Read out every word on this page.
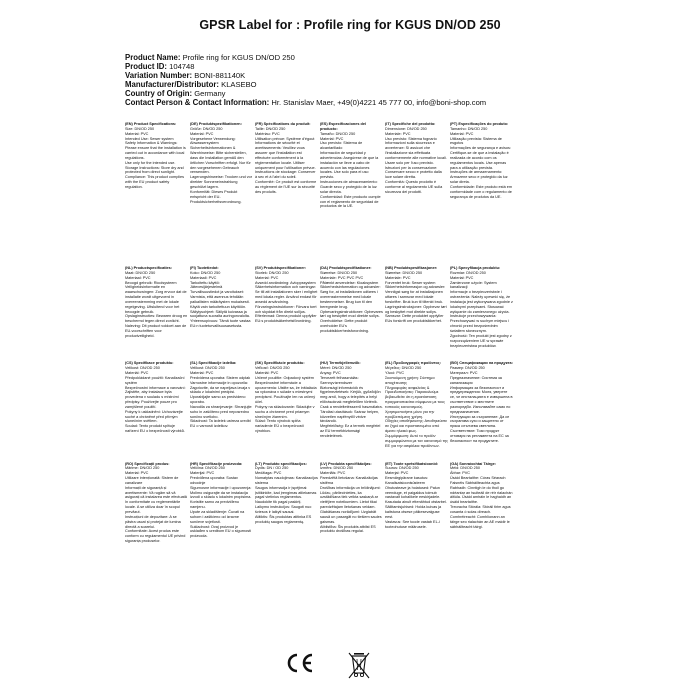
GPSR Label for : Profile ring for KGUS DN/OD 250
Product Name: Profile ring for KGUS DN/OD 250
Product ID: 104748
Variation Number: BONI-881140K
Manufacturer/Distributor: KLASEBO
Country of Origin: Germany
Contact Person & Contact Information: Hr. Stanislav Maer, +49(0)4221 45 777 00, info@boni-shop.com
(EN) Product Specifications:
Size: DN/OD 250
Material: PVC
Intended Use: Sewer system
Safety Information & Warnings: Please ensure that the installation is carried out in accordance with local regulations.
Use only for the intended use.
Storage Instructions: Store dry and protected from direct sunlight.
Compliance: This product complies with the EU product safety regulation.
(DE) Produktspezifikationen:
Größe: DN/OD 250
Material: PVC
Vorgesehene Verwendung: Abwassersystem
Sicherheitsinformationen & Warnhinweise: Bitte sicherstellen, dass die Installation gemäß den örtlichen Vorschriften erfolgt. Nur für den vorgesehenen Gebrauch verwenden.
Lagerungshinweise: Trocken und vor direkter Sonneneinstrahlung geschützt lagern.
Konformität: Dieses Produkt entspricht der EU-Produktsicherheitsverordnung.
(FR) Spécifications du produit:
Taille: DN/OD 250
Matériau: PVC
Utilisation prévue: Système d'égout
Informations de sécurité et avertissements: Veuillez vous assurer que l'installation est effectuée conformément à la réglementation locale. Utiliser uniquement pour l'utilisation prévue.
Instructions de stockage: Conserver à sec et à l'abri du soleil.
Conformité: Ce produit est conforme au règlement de l'UE sur la sécurité des produits.
(ES) Especificaciones del producto:
Tamaño: DN/OD 250
Material: PVC
Uso previsto: Sistema de alcantarillado
Información de seguridad y advertencias: Asegúrese de que la instalación se lleve a cabo de acuerdo con las regulaciones locales. Use solo para el uso previsto.
Instrucciones de almacenamiento: Guarde seco y protegido de la luz solar directa.
Conformidad: Este producto cumple con el reglamento de seguridad de productos de la UE.
(IT) Specifiche del prodotto:
Dimensione: DN/OD 250
Materiale: PVC
Uso previsto: Sistema fognario
Informazioni sulla sicurezza e avvertenze: Si assicuri che l'installazione sia effettuata conformemente alle normative locali. Usare solo per l'uso previsto.
Istruzioni per la conservazione: Conservare secco e protetto dalla luce solare diretta.
Conformità: Questo prodotto è conforme al regolamento UE sulla sicurezza dei prodotti.
(PT) Especificações do produto:
Tamanho: DN/OD 250
Material: PVC
Utilização prevista: Sistema de esgotos
Informações de segurança e avisos: Certifique-se de que a instalação é realizada de acordo com os regulamentos locais. Use apenas para a utilização prevista.
Instruções de armazenamento: Armazene seco e protegido da luz solar direta.
Conformidade: Este produto está em conformidade com o regulamento de segurança de produtos da UE.
(NL) Productspecificaties:
Maat: DN/OD 250
Materiaal: PVC
Beoogd gebruik: Rioolsysteem
Veiligheidsinformatie en waarschuwingen: Zorg ervoor dat de installatie wordt uitgevoerd in overeenstemming met de lokale regelgeving. Uitsluitend voor het beoogde gebruik.
Opslaginstructies: Bewaren droog en beschermd tegen direct zonlicht.
Naleving: Dit product voldoet aan de EU-voorschriften voor productveiligheid.
(FI) Tuotetiedot:
Koko: DN/OD 250
Materiaali: PVC
Tarkoitettu käyttö: Jätevesijärjestelmä
Turvallisuustiedot ja varoitukset: Varmista, että asennus tehdään paikallisten määräysten mukaisesti. Käytä vain tarkoitettuun käyttöön.
Säilytysohjeet: Säilytä kuivassa ja suojattuna suoralta auringonvalolta.
Yhteensopivuus: Tämä tuote vastaa EU:n tuoteturvallisuusasetusta.
(SV) Produktspecifikationer:
Storlek: DN/OD 250
Material: PVC
Avsedd användning: Avloppssystem
Säkerhetsinformation och varningar: Se till att installationen sker i enlighet med lokala regler. Använd endast för avsedd användning.
Förvaringsinstruktioner: Förvara torrt och skyddat från direkt solljus.
Efterlevnad: Denna produkt uppfyller EU:s produktsäkerhetsförordning.
(DA) Produktspecifikationer:
Størrelse: DN/OD 250
Materiale: PVC PVC PVC
Påtænkt anvendelse: Kloaksystem
Sikkerhedsinformation og advarsler: Sørg for, at installationen udføres i overensstemmelse med lokale bestemmelser. Brug kun til den beregnede brug.
Opbevaringsinstruktioner: Opbevares tørt og beskyttet mod direkte sollys.
Overholdelse: Dette produkt overholder EU's produktsikkerhedsforordning.
(NB) Produktspesifikasjoner:
Størrelse: DN/OD 250
Materiale: PVC
Forventet bruk: Sewer system
Sikkerhetsinformasjon og advarsler: Vennligst sørg for at installasjonen utføres i samsvar med lokale forskrifter. Bruk kun til tiltenkt bruk.
Lagringsinstruksjoner: Oppbevar tørt og beskyttet mot direkte sollys.
Samsvar: Dette produktet oppfyller EUs forskrift om produktsikkerhet.
(PL) Specyfikacja produktu:
Rozmiar: DN/OD 250
Materiał: PVC
Zamierzone użycie: System kanalizacji
Informacje o bezpieczeństwie i ostrzeżenia: Należy upewnić się, że instalacja jest wykonywana zgodnie z lokalnymi przepisami. Stosować wyłącznie do zamierzonego użycia.
Instrukcje przechowywania: Przechowywać w suchym miejscu i chronić przed bezpośrednim światłem słonecznym.
Zgodność: Ten produkt jest zgodny z rozporządzeniem UE w sprawie bezpieczeństwa produktów.
(CS) Specifikace produktu:
Velikost: DN/OD 250
Materiál: PVC
Předpokládané použití: Kanalizační systém
Bezpečnostní informace a varování: Zajistěte, aby instalace byla provedena v souladu s místními předpisy. Používejte pouze pro zamýšlené použití.
Pokyny k uskladnění: Uchovávejte suché a chráněné před přímým slunečním světlem.
Soulad: Tento produkt splňuje nařízení EU o bezpečnosti výrobků.
(SL) Specifikacije izdelka:
Velikost: DN/OD 250
Material: PVC
Predvidena uporaba: Sistem odplak
Varnostne informacije in opozorila: Zagotovite, da se napeljava izvaja v skladu z lokalnimi predpisi. Uporabljajte samo za predvideno uporabo.
Navodila za shranjevanje: Shranjujte suho in zaščiteno pred neposredno sončno svetlobo.
Skladnost: Ta izdelek ustreza uredbi EU o varnosti izdelkov.
(SK) Špecifikácie produktu:
Veľkosť: DN/OD 250
Materiál: PVC
Určené použitie: Odpadový systém
Bezpečnostné informácie a upozornenia: Uistite sa, že inštalácia sa vykonáva v súlade s miestnymi predpismi. Používajte len na určený účel.
Pokyny na skladovanie: Skladujte v suchu a chránené pred priamym slnečným žiarením.
Súlad: Tento výrobok spĺňa nariadenie EÚ o bezpečnosti výrobkov.
(HU) Termékjellemzők:
Méret: DN/OD 250
Anyag: PVC
Tervezett felhasználás: Szennyvízrendszer
Biztonsági információk és figyelmeztetések: Kérjük, győződjön meg arról, hogy a telepítés a helyi előírásoknak megfelelően történik. Csak a rendeltetésszerű használatra.
Tárolási utasítások: Száraz helyen, közvetlen napfénytől védve tárolandó.
Megfelelőség: Ez a termék megfelel az EU termékbiztonsági rendeletének.
(EL) Προδιαγραφές προϊόντος:
Μέγεθος: DN/OD 250
Υλικό: PVC
Σκοπούμενη χρήση: Σύστημα αποχέτευσης
Πληροφορίες ασφαλείας & Προειδοποιήσεις: Παρακαλούμε βεβαιωθείτε ότι η εγκατάσταση πραγματοποιείται σύμφωνα με τους τοπικούς κανονισμούς. Χρησιμοποιήστε μόνο για την προβλεπόμενη χρήση.
Οδηγίες αποθήκευσης: Αποθηκεύστε σε ξηρό και προστατευμένο από άμεσο ηλιακό φως.
Συμμόρφωση: Αυτό το προϊόν συμμορφώνεται με τον κανονισμό της ΕΕ για την ασφάλεια προϊόντων.
(BG) Спецификации на продукта:
Размер: DN/OD 250
Материал: PVC
Предназначение: Система за канализация
Информация за безопасност и предупреждения: Моля, уверете се, че инсталацията е извършена в съответствие с местните разпоредби. Използвайте само по предназначение.
Инструкции за съхранение: Да се съхранява сухо и защитено от пряка слънчева светлина.
Съответствие: Този продукт отговаря на регламента на ЕС за безопасност на продуктите.
(RO) Specificații produs:
Mărime: DN/OD 250
Material: PVC
Utilizare intenționată: Sistem de canalizare
Informații de siguranță și avertismente: Vă rugăm să vă asigurați că instalarea este efectuată în conformitate cu reglementările locale. A se utiliza doar în scopul prevăzut.
Instrucțiuni de depozitare: A se păstra uscat și protejat de lumina directă a soarelui.
Conformitate: Acest produs este conform cu regulamentul UE privind siguranța produselor.
(HR) Specifikacije proizvoda:
Veličina: DN/OD 250
Materijal: PVC
Predviđena uporaba: Sustav odvodnje
Sigurnosne informacije i upozorenja: Molimo osigurajte da se instalacija izvodi u skladu s lokalnim propisima. Koristite samo za predviđenu namjenu.
Upute za skladištenje: Čuvati na suhom i zaštićeno od izravne sunčeve svjetlosti.
Sukladnost: Ovaj proizvod je usklađen s uredbom EU o sigurnosti proizvoda.
(LT) Produkto specifikacijos:
Dydis: DN / OD 250
Medžiaga: PVC
Numatytas naudojimas: Kanalizacijos sistema
Saugos informacija ir įspėjimai: Įsitikinkite, kad įrengimas atliekamas pagal vietinius reglamentus. Naudokite tik pagal paskirtį.
Laikymo instrukcijos: Saugoti nuo šviesos ir laikyti sausai.
Atitiktis: Šis produktas atitinka ES produktų saugos reglamentą.
(LV) Produkta specifikācijas:
Izmērs: DN/OD 250
Materiāls: PVC
Paredzētā lietošana: Kanalizācijas sistēma
Drošības informācija un brīdinājumi: Lūdzu, pārliecinieties, ka uzstādīšana tiek veikta saskaņā ar vietējiem noteikumiem. Lietot tikai paredzētajam lietošanas veidam.
Glabāšanas norādījumi: Uzglabāt sausā un pasargāt no tiešiem saules gaismas.
Atbilstība: Šis produkts atbilst ES produktu drošības regulai.
(ET) Toote spetsifikatsioonid:
Suurus: DN/OD 250
Materjal: PVC
Eesmärgipärane kasutus: Kanalisatsioonisüsteem
Ohutusteave ja hoiatused: Palun veenduge, et paigaldus toimub vastavalt kohalikele eeskirjadele. Kasutada ainult ettenähtud otstarbel.
Säilitamisjuhised: Hoida kuivas ja kaitstuna otsese päikesevalguse eest.
Vastavus: See toode vastab EL-i tooteohutuse määrusele.
(GA) Sonraíochtaí Táirge:
Méid: DN/OD 250
Ábhar: PVC
Úsáid Beartaithe: Córas Séarach
Faisnéis Sábháilteachta agus Rabhadh: Cinntigh le do thoil go ndéantar an tsuiteáil de réir rialachán áitiúla. Úsáid amháin le haghaidh an úsáid beartaithe.
Treoracha Stórála: Stóráil tirim agus cosanta ó solas díreach.
Comhréireacht: Comhlíonann an táirge seo rialachán an AE maidir le sábháilteacht táirgí.
